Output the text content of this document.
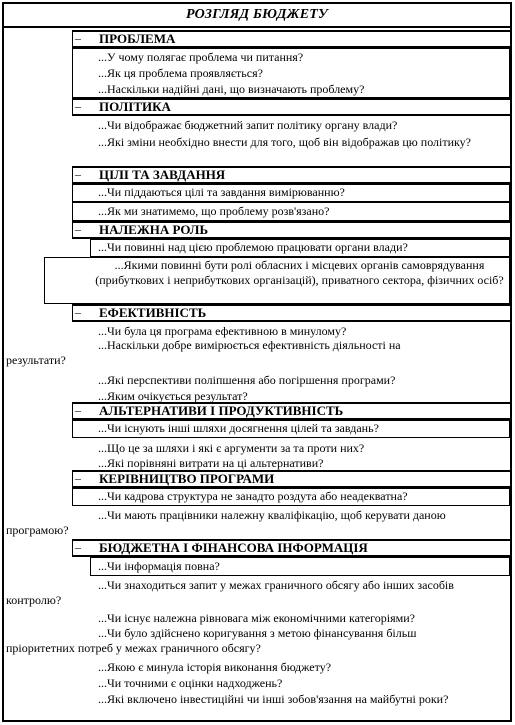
РОЗГЛЯД БЮДЖЕТУ
– ПРОБЛЕМА
...У чому полягає проблема чи питання?
...Як ця проблема проявляється?
...Наскільки надійні дані, що визначають проблему?
– ПОЛІТИКА
...Чи відображає бюджетний запит політику органу влади?
...Які зміни необхідно внести для того, щоб він відображав цю політику?
– ЦІЛІ ТА ЗАВДАННЯ
...Чи піддаються цілі та завдання вимірюванню?
...Як ми знатимемо, що проблему розв'язано?
– НАЛЕЖНА РОЛЬ
...Чи повинні над цією проблемою працювати органи влади?
...Якими повинні бути ролі обласних і місцевих органів самоврядування (прибуткових і неприбуткових організацій), приватного сектора, фізичних осіб?
– ЕФЕКТИВНІСТЬ
...Чи була ця програма ефективною в минулому?
...Наскільки добре вимірюється ефективність діяльності на результати?
...Які перспективи поліпшення або погіршення програми?
...Яким очікується результат?
– АЛЬТЕРНАТИВИ І ПРОДУКТИВНІСТЬ
...Чи існують інші шляхи досягнення цілей та завдань?
...Що це за шляхи і які є аргументи за та проти них?
...Які порівняні витрати на ці альтернативи?
– КЕРІВНИЦТВО ПРОГРАМИ
...Чи кадрова структура не занадто роздута або неадекватна?
...Чи мають працівники належну кваліфікацію, щоб керувати даною програмою?
– БЮДЖЕТНА І ФІНАНСОВА ІНФОРМАЦІЯ
...Чи інформація повна?
...Чи знаходиться запит у межах граничного обсягу або інших засобів контролю?
...Чи існує належна рівновага між економічними категоріями?
...Чи було здійснено коригування з метою фінансування більш пріоритетних потреб у межах граничного обсягу?
...Якою є минула історія виконання бюджету?
...Чи точними є оцінки надходжень?
...Які включено інвестиційні чи інші зобов'язання на майбутні роки?
